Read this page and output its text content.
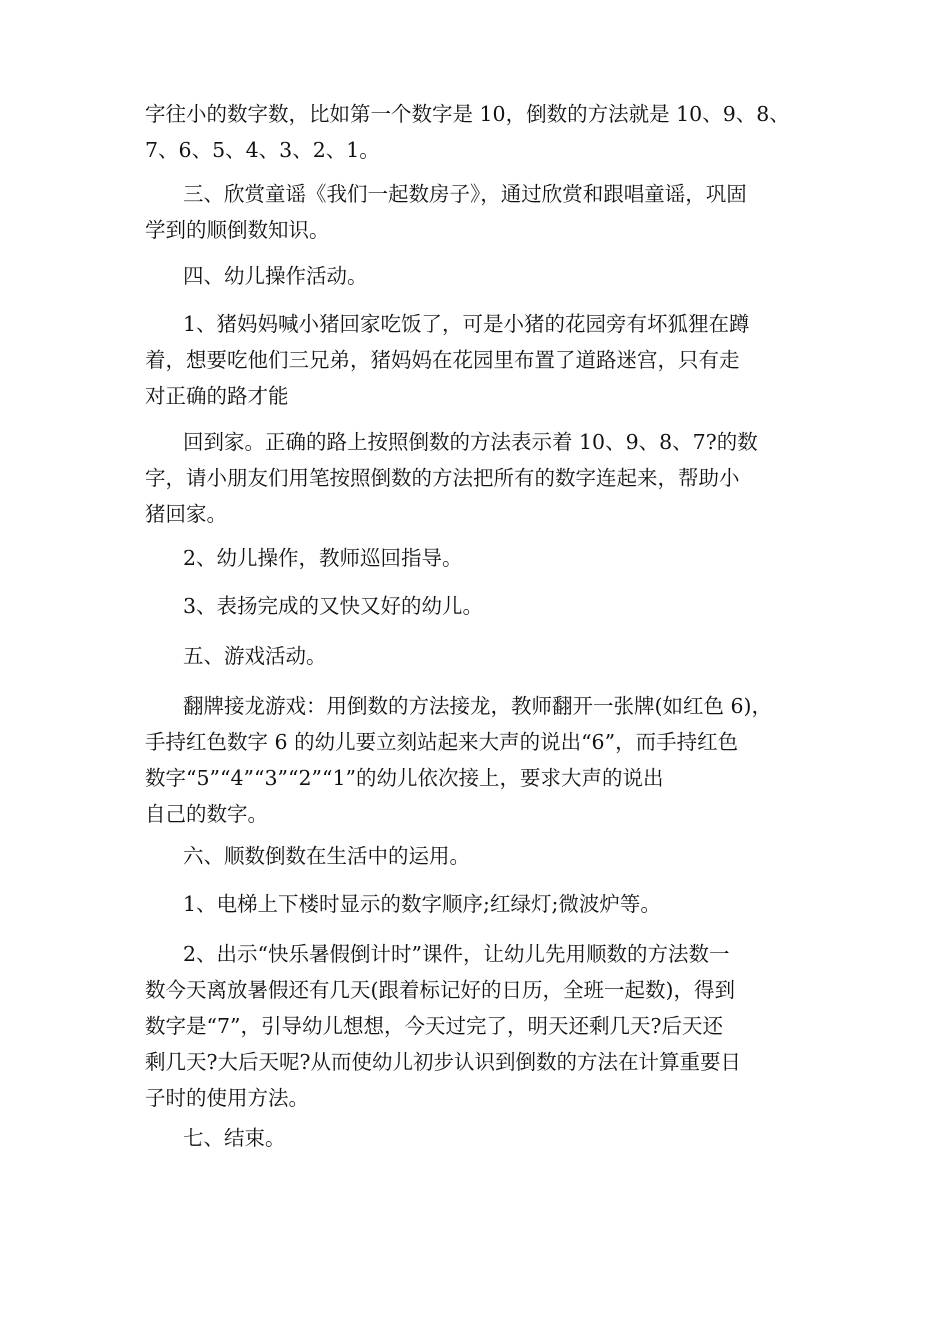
字往小的数字数，比如第一个数字是 10，倒数的方法就是 10、9、8、
7、6、5、4、3、2、1。
三、欣赏童谣《我们一起数房子》，通过欣赏和跟唱童谣，巩固
学到的顺倒数知识。
四、幼儿操作活动。
1、猪妈妈喊小猪回家吃饭了，可是小猪的花园旁有坏狐狸在蹲
着，想要吃他们三兄弟，猪妈妈在花园里布置了道路迷宫，只有走
对正确的路才能
回到家。正确的路上按照倒数的方法表示着 10、9、8、7?的数
字，请小朋友们用笔按照倒数的方法把所有的数字连起来，帮助小
猪回家。
2、幼儿操作，教师巡回指导。
3、表扬完成的又快又好的幼儿。
五、游戏活动。
翻牌接龙游戏：用倒数的方法接龙，教师翻开一张牌(如红色 6)，
手持红色数字 6 的幼儿要立刻站起来大声的说出“6”，而手持红色
数字“5”“4”“3”“2”“1”的幼儿依次接上，要求大声的说出
自己的数字。
六、顺数倒数在生活中的运用。
1、电梯上下楼时显示的数字顺序;红绿灯;微波炉等。
2、出示“快乐暑假倒计时”课件，让幼儿先用顺数的方法数一
数今天离放暑假还有几天(跟着标记好的日历，全班一起数)，得到
数字是“7”，引导幼儿想想，今天过完了，明天还剩几天?后天还
剩几天?大后天呢?从而使幼儿初步认识到倒数的方法在计算重要日
子时的使用方法。
七、结束。
